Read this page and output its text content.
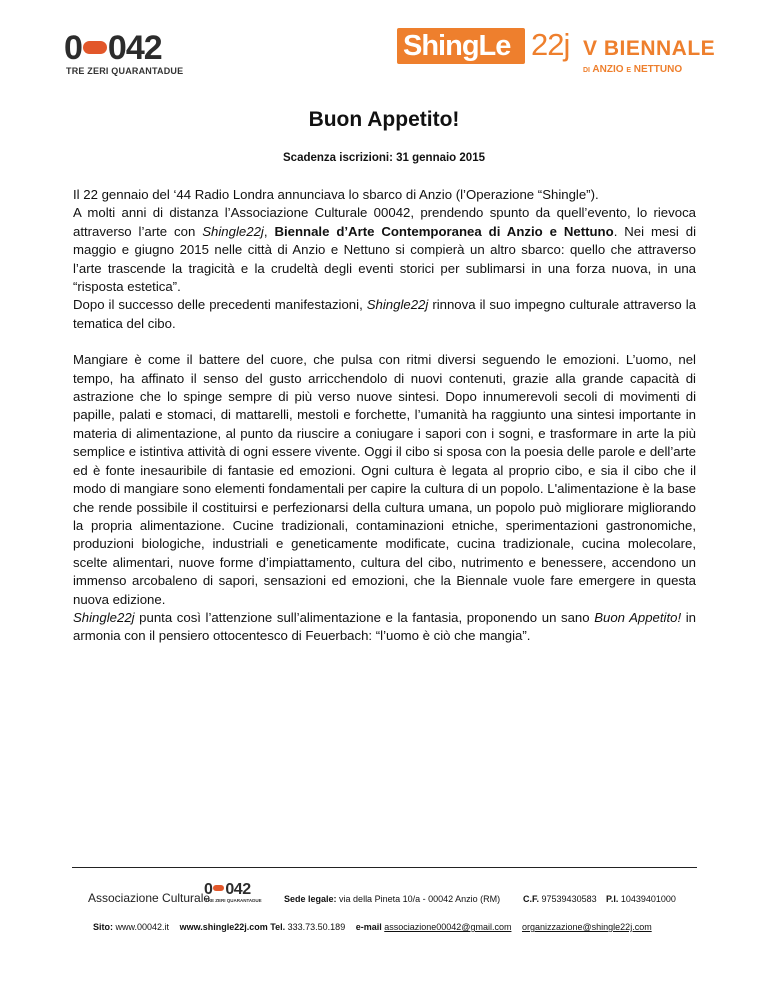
0 042
TRE ZERI QUARANTADUE
ShingLe 22j V BIENNALE
DI ANZIO E NETTUNO
Buon Appetito!
Scadenza iscrizioni: 31 gennaio 2015

Il 22 gennaio del ‘44 Radio Londra annunciava lo sbarco di Anzio (l’Operazione “Shingle”).

A molti anni di distanza l’Associazione Culturale 00042, prendendo spunto da quell’evento, lo rievoca attraverso l’arte con Shingle22j, Biennale d’Arte Contemporanea di Anzio e Nettuno. Nei mesi di maggio e giugno 2015 nelle città di Anzio e Nettuno si compierà un altro sbarco: quello che attraverso l’arte trascende la tragicità e la crudeltà degli eventi storici per sublimarsi in una forza nuova, in una “risposta estetica”.

Dopo il successo delle precedenti manifestazioni, Shingle22j rinnova il suo impegno culturale attraverso la tematica del cibo.

Mangiare è come il battere del cuore, che pulsa con ritmi diversi seguendo le emozioni. L’uomo, nel tempo, ha affinato il senso del gusto arricchendolo di nuovi contenuti, grazie alla grande capacità di astrazione che lo spinge sempre di più verso nuove sintesi. Dopo innumerevoli secoli di movimenti di papille, palati e stomaci, di mattarelli, mestoli e forchette, l’umanità ha raggiunto una sintesi importante in materia di alimentazione, al punto da riuscire a coniugare i sapori con i sogni, e trasformare in arte la più semplice e istintiva attività di ogni essere vivente. Oggi il cibo si sposa con la poesia delle parole e dell’arte ed è fonte inesauribile di fantasie ed emozioni. Ogni cultura è legata al proprio cibo, e sia il cibo che il modo di mangiare sono elementi fondamentali per capire la cultura di un popolo. L'alimentazione è la base che rende possibile il costituirsi e perfezionarsi della cultura umana, un popolo può migliorare migliorando la propria alimentazione. Cucine tradizionali, contaminazioni etniche, sperimentazioni gastronomiche, produzioni biologiche, industriali e geneticamente modificate, cucina tradizionale, cucina molecolare, scelte alimentari, nuove forme d’impiattamento, cultura del cibo, nutrimento e benessere, accendono un immenso arcobaleno di sapori, sensazioni ed emozioni, che la Biennale vuole fare emergere in questa nuova edizione.

Shingle22j punta così l’attenzione sull’alimentazione e la fantasia, proponendo un sano Buon Appetito! in armonia con il pensiero ottocentesco di Feuerbach: “l’uomo è ciò che mangia”.

Associazione Culturale
0 042
TRE ZERI QUARANTADUE Sede legale: via della Pineta 10/a - 00042 Anzio (RM)	C.F. 97539430583 P.I. 10439401000
Sito: www.00042.it www.shingle22j.com Tel. 333.73.50.189 e-mail associazione00042@gmail.com organizzazione@shingle22j.com
